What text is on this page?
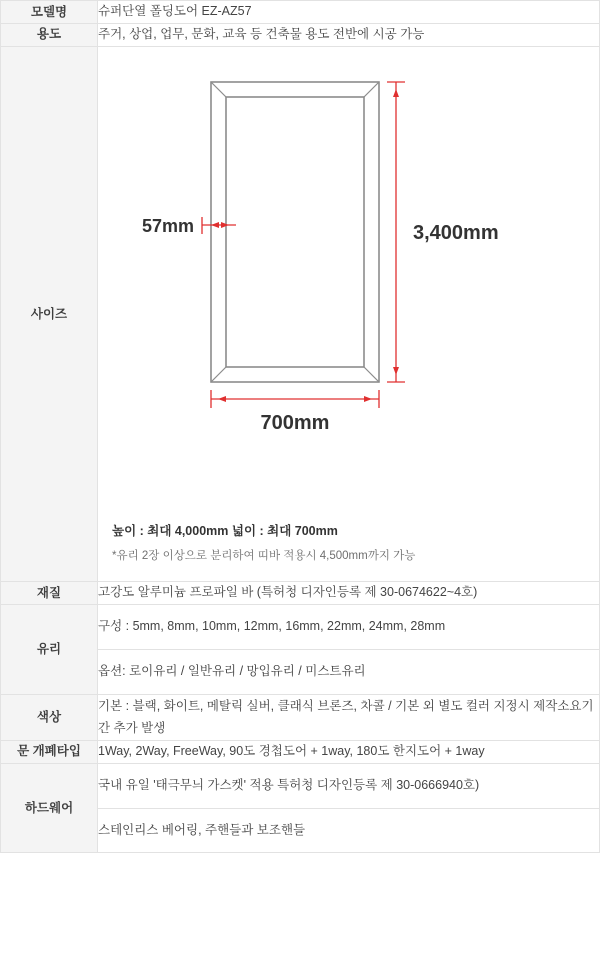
모델명	슈퍼단열 폴딩도어 EZ-AZ57
용도	주거, 상업, 업무, 문화, 교육 등 건축물 용도 전반에 시공 가능
사이즈	3,400mm
700mm
57mm
높이 : 최대 4,000mm 넓이 : 최대 700mm
*유리 2장 이상으로 분리하여 띠바 적용시 4,500mm까지 가능

재질	고강도 알루미늄 프로파일 바 (특허청 디자인등록 제 30-0674622~4호)
유리	구성 : 5mm, 8mm, 10mm, 12mm, 16mm, 22mm, 24mm, 28mm
	옵션: 로이유리 / 일반유리 / 망입유리 / 미스트유리
색상	기본 : 블랙, 화이트, 메탈릭 실버, 클래식 브론즈, 차콜 / 기본 외 별도 컬러 지정시 제작소요기간 추가 발생
문 개폐타입	1Way, 2Way, FreeWay, 90도 경첩도어 + 1way, 180도 한지도어 + 1way
하드웨어	국내 유일 '태극무늬 가스켓' 적용 특허청 디자인등록 제 30-0666940호)
	스테인리스 베어링, 주핸들과 보조핸들
